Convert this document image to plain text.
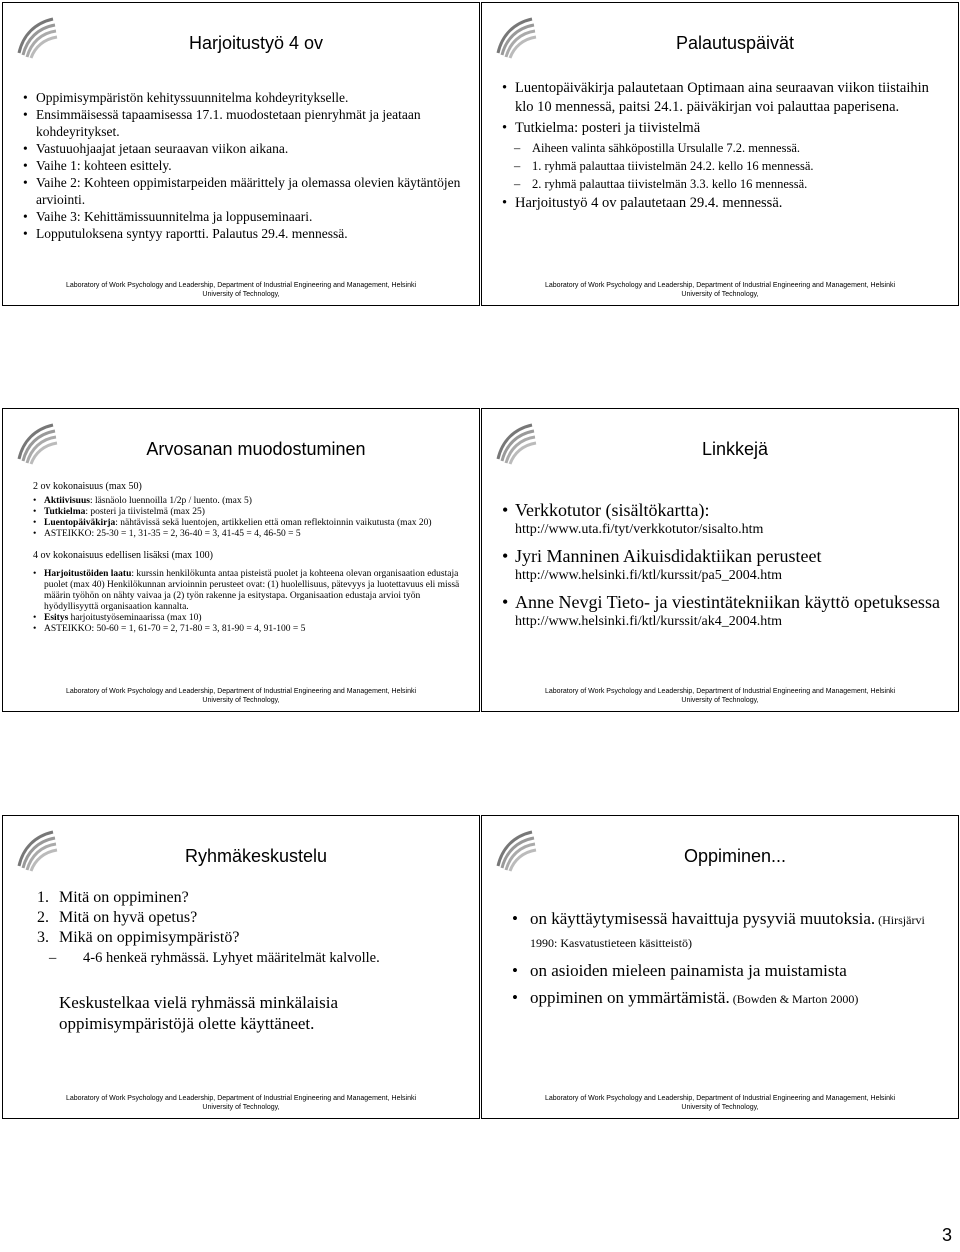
Harjoitustyö 4 ov
• Oppimisympäristön kehityssuunnitelma kohdeyritykselle.
• Ensimmäisessä tapaamisessa 17.1. muodostetaan pienryhmät ja jeataan kohdeyritykset.
• Vastuuohjaajat jetaan seuraavan viikon aikana.
• Vaihe 1: kohteen esittely.
• Vaihe 2: Kohteen oppimistarpeiden määrittely ja olemassa olevien käytäntöjen arviointi.
• Vaihe 3: Kehittämissuunnitelma ja loppuseminaari.
• Lopputuloksena syntyy raportti. Palautus 29.4. mennessä.
Laboratory of Work Psychology and Leadership, Department of Industrial Engineering and Management, Helsinki
University of Technology,
Palautuspäivät
• Luentopäiväkirja palautetaan Optimaan aina seuraavan viikon tiistaihin klo 10 mennessä, paitsi 24.1. päiväkirjan voi palauttaa paperisena.
• Tutkielma: posteri ja tiivistelmä
– Aiheen valinta sähköpostilla Ursulalle 7.2. mennessä.
– 1. ryhmä palauttaa tiivistelmän 24.2. kello 16 mennessä.
– 2. ryhmä palauttaa tiivistelmän 3.3. kello 16 mennessä.
• Harjoitustyö 4 ov palautetaan 29.4. mennessä.
Laboratory of Work Psychology and Leadership, Department of Industrial Engineering and Management, Helsinki
University of Technology,
Arvosanan muodostuminen

2 ov kokonaisuus (max 50)

• Aktiivisuus: läsnäolo luennoilla 1/2p / luento. (max 5)
• Tutkielma: posteri ja tiivistelmä (max 25)
• Luentopäiväkirja: nähtävissä sekä luentojen, artikkelien että oman reflektoinnin vaikutusta (max 20)
• ASTEIKKO: 25-30 = 1, 31-35 = 2, 36-40 = 3, 41-45 = 4, 46-50 = 5

4 ov kokonaisuus edellisen lisäksi (max 100)

• Harjoitustöiden laatu: kurssin henkilökunta antaa pisteistä puolet ja kohteena olevan organisaation edustaja puolet (max 40) Henkilökunnan arvioinnin perusteet ovat: (1) huolellisuus, pätevyys ja luotettavuus eli missä määrin työhön on nähty vaivaa ja (2) työn rakenne ja esitystapa. Organisaation edustaja arvioi työn hyödyllisyyttä organisaation kannalta.
• Esitys harjoitustyöseminaarissa (max 10)
• ASTEIKKO: 50-60 = 1, 61-70 = 2, 71-80 = 3, 81-90 = 4, 91-100 = 5
Laboratory of Work Psychology and Leadership, Department of Industrial Engineering and Management, Helsinki
University of Technology,
Linkkejä
• Verkkotutor (sisältökartta):
http://www.uta.fi/tyt/verkkotutor/sisalto.htm
• Jyri Manninen Aikuisdidaktiikan perusteet
http://www.helsinki.fi/ktl/kurssit/pa5_2004.htm
• Anne Nevgi Tieto- ja viestintätekniikan käyttö opetuksessa
http://www.helsinki.fi/ktl/kurssit/ak4_2004.htm
Laboratory of Work Psychology and Leadership, Department of Industrial Engineering and Management, Helsinki
University of Technology,
Ryhmäkeskustelu
1. Mitä on oppiminen?
2. Mitä on hyvä opetus?
3. Mikä on oppimisympäristö?
– 4-6 henkeä ryhmässä. Lyhyet määritelmät kalvolle.
Keskustelkaa vielä ryhmässä minkälaisia oppimisympäristöjä olette käyttäneet.
Laboratory of Work Psychology and Leadership, Department of Industrial Engineering and Management, Helsinki
University of Technology,
Oppiminen...
• on käyttäytymisessä havaittuja pysyviä muutoksia. (Hirsjärvi 1990: Kasvatustieteen käsitteistö)
• on asioiden mieleen painamista ja muistamista
• oppiminen on ymmärtämistä. (Bowden & Marton 2000)
Laboratory of Work Psychology and Leadership, Department of Industrial Engineering and Management, Helsinki
University of Technology,
3
